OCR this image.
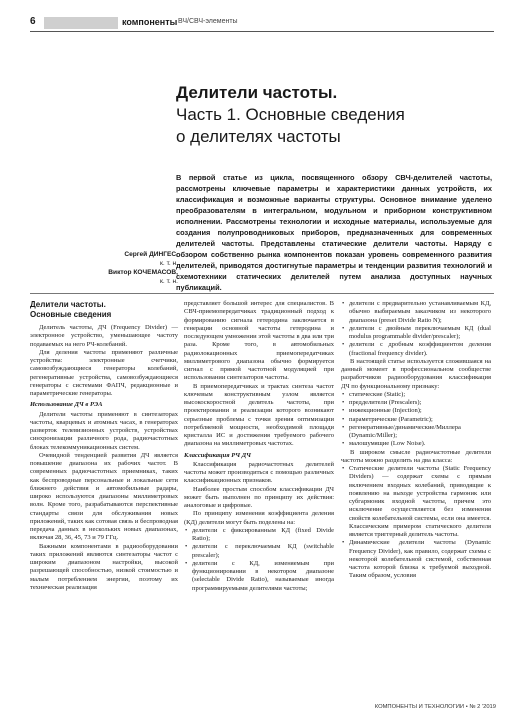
6	компоненты ВЧ/СВЧ-элементы
Делители частоты.
Часть 1. Основные сведения
о делителях частоты
В первой статье из цикла, посвященного обзору СВЧ-делителей частоты, рассмотрены ключевые параметры и характеристики данных устройств, их классификация и возможные варианты структуры. Основное внимание уделено преобразователям в интегральном, модульном и приборном конструктивном исполнении. Рассмотрены технологии и исходные материалы, используемые для создания полупроводниковых приборов, предназначенных для современных делителей частоты. Представлены статические делители частоты. Наряду с обзором собственно рынка компонентов показан уровень современного развития делителей, приводятся достигнутые параметры и тенденции развития технологий и схемотехники статических делителей путем анализа доступных научных публикаций.
Сергей ДИНГЕС,
к. т. н.
Виктор КОЧЕМАСОВ,
к. т. н.
Делители частоты.
Основные сведения

Делитель частоты, ДЧ (Frequency Divider) — электронное устройство, уменьшающее частоту подаваемых на него РЧ-колебаний.

Для деления частоты применяют различные устройства: электронные счетчики, самовозбуждающиеся генераторы колебаний, регенеративные устройства, самовозбуждающиеся генераторы с системами ФАПЧ, редакционные и параметрические генераторы.

Использование ДЧ в РЭА

Делители частоты применяют в синтезаторах частоты, кварцевых и атомных часах, в генераторах разверток телевизионных устройств, устройствах синхронизации различного рода, радиочастотных блоках телекоммуникационных систем.

Очевидной тенденцией развития ДЧ является повышение диапазона их рабочих частот. В современных радиочастотных приемниках, таких как беспроводные персональные и локальные сети ближнего действия и автомобильные радары, широко используются диапазоны миллиметровых волн. Кроме того, разрабатываются перспективные стандарты связи для обслуживания новых приложений, таких как сотовая связь и беспроводная передача данных в нескольких новых диапазонах, включая 28, 36, 45, 73 и 79 ГГц.

Важными компонентами в радиооборудовании таких приложений являются синтезаторы частот с широким диапазоном настройки, высокой разрешающей способностью, низкой стоимостью и малым потреблением энергии, поэтому их техническая реализация

представляет большой интерес для специалистов. В СВЧ-приемопередатчиках традиционный подход к формированию сигнала гетеродина заключается в генерации основной частоты гетеродина и последующем умножении этой частоты в два или три раза. Кроме того, в автомобильных радиолокационных приемопередатчиках миллиметрового диапазона обычно формируется сигнал с прямой частотной модуляцией при использовании синтезаторов частоты.

В приемопередатчиках и трактах синтеза частот ключевым конструктивным узлом является высокоскоростной делитель частоты, при проектировании и реализации которого возникают серьезные проблемы с точки зрения оптимизации потребляемой мощности, необходимой площади кристалла ИС и достижения требуемого рабочего диапазона на миллиметровых частотах.

Классификация РЧ ДЧ

Классификация радиочастотных делителей частоты может производиться с помощью различных классификационных признаков.

Наиболее простым способом классификации ДЧ может быть выполнен по принципу их действия: аналоговые и цифровые.

По принципу изменения коэффициента деления (КД) делители могут быть поделены на:

• делители с фиксированным КД (fixed Divide Ratio);

• делители с переключаемым КД (switchable prescaler);

• делители с КД, изменяемым при функционировании в некотором диапазоне (selectable Divide Ratio), называемые иногда программируемыми делителями частоты;

• делители с предварительно устанавливаемым КД, обычно выбираемым заказчиком из некоторого диапазона (preset Divide Ratio N);

• делители с двойным переключаемым КД (dual modulus programmable divider/prescaler);

• делители с дробным коэффициентом деления (fractional frequency divider).

В настоящей статье используется сложившаяся на данный момент в профессиональном сообществе разработчиков радиооборудования классификация ДЧ по функциональному признаку:

• статические (Static);

• предделители (Prescalers);

• инжекционные (Injection);

• параметрические (Parametric);

• регенеративные/динамические/Миллера (Dynamic/Miller);

• малошумящие (Low Noise).

В широком смысле радиочастотные делители частоты можно разделить на два класса:

• Статические делители частоты (Static Frequency Dividers) — содержат схемы с прямым включением входных колебаний, приводящие к появлению на выходе устройства гармоник или субгармоник входной частоты, причем это исключение осуществляется без изменения свойств колебательной системы, если она имеется. Классическим примером статического делителя является триггерный делитель частоты.

• Динамические делители частоты (Dynamic Frequency Divider), как правило, содержат схемы с некоторой колебательной системой, собственная частота которой близка к требуемой выходной. Таким образом, условия

КОМПОНЕНТЫ И ТЕХНОЛОГИИ • № 2 '2019
